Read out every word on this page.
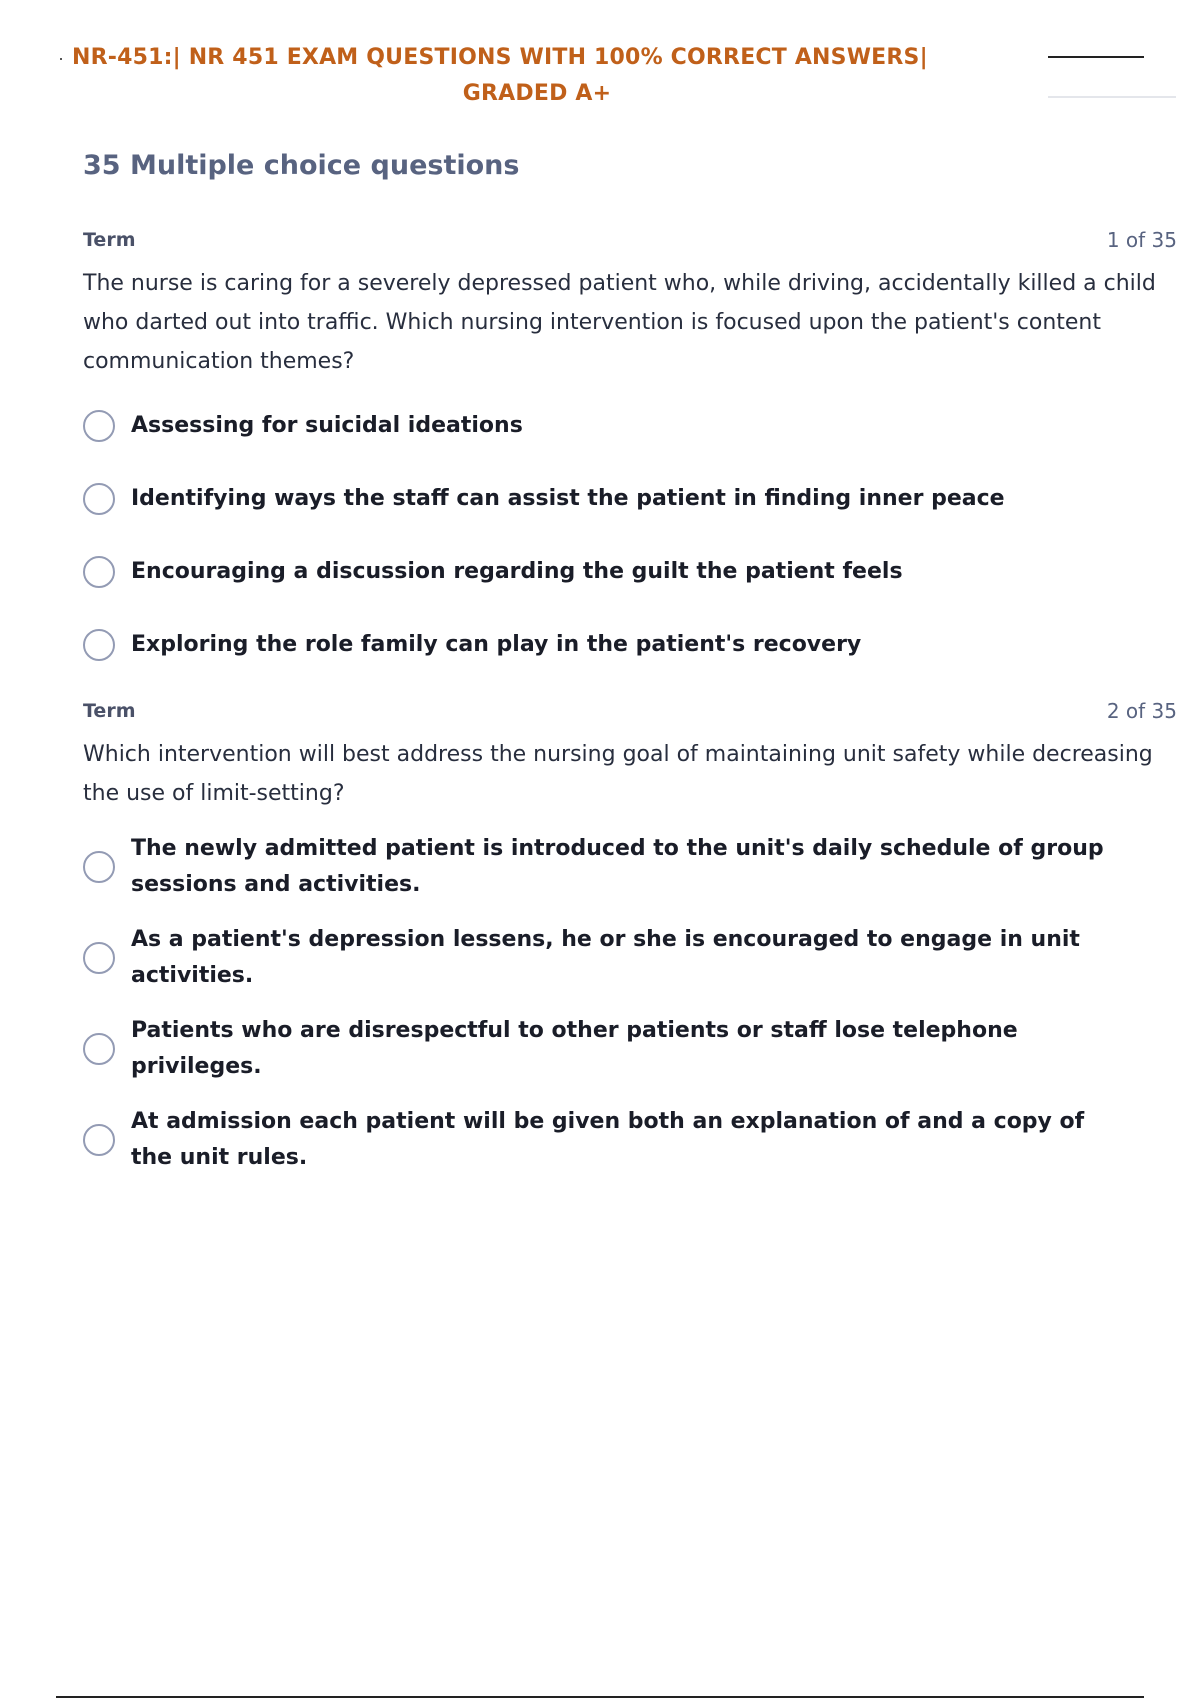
NR-451:| NR 451 EXAM QUESTIONS WITH 100% CORRECT ANSWERS|
GRADED A+
35 Multiple choice questions
Term	1 of 35
The nurse is caring for a severely depressed patient who, while driving, accidentally killed a child who darted out into traffic. Which nursing intervention is focused upon the patient's content communication themes?
Assessing for suicidal ideations
Identifying ways the staff can assist the patient in finding inner peace
Encouraging a discussion regarding the guilt the patient feels
Exploring the role family can play in the patient's recovery
Term	2 of 35
Which intervention will best address the nursing goal of maintaining unit safety while decreasing the use of limit-setting?
The newly admitted patient is introduced to the unit's daily schedule of group sessions and activities.
As a patient's depression lessens, he or she is encouraged to engage in unit activities.
Patients who are disrespectful to other patients or staff lose telephone privileges.
At admission each patient will be given both an explanation of and a copy of the unit rules.
